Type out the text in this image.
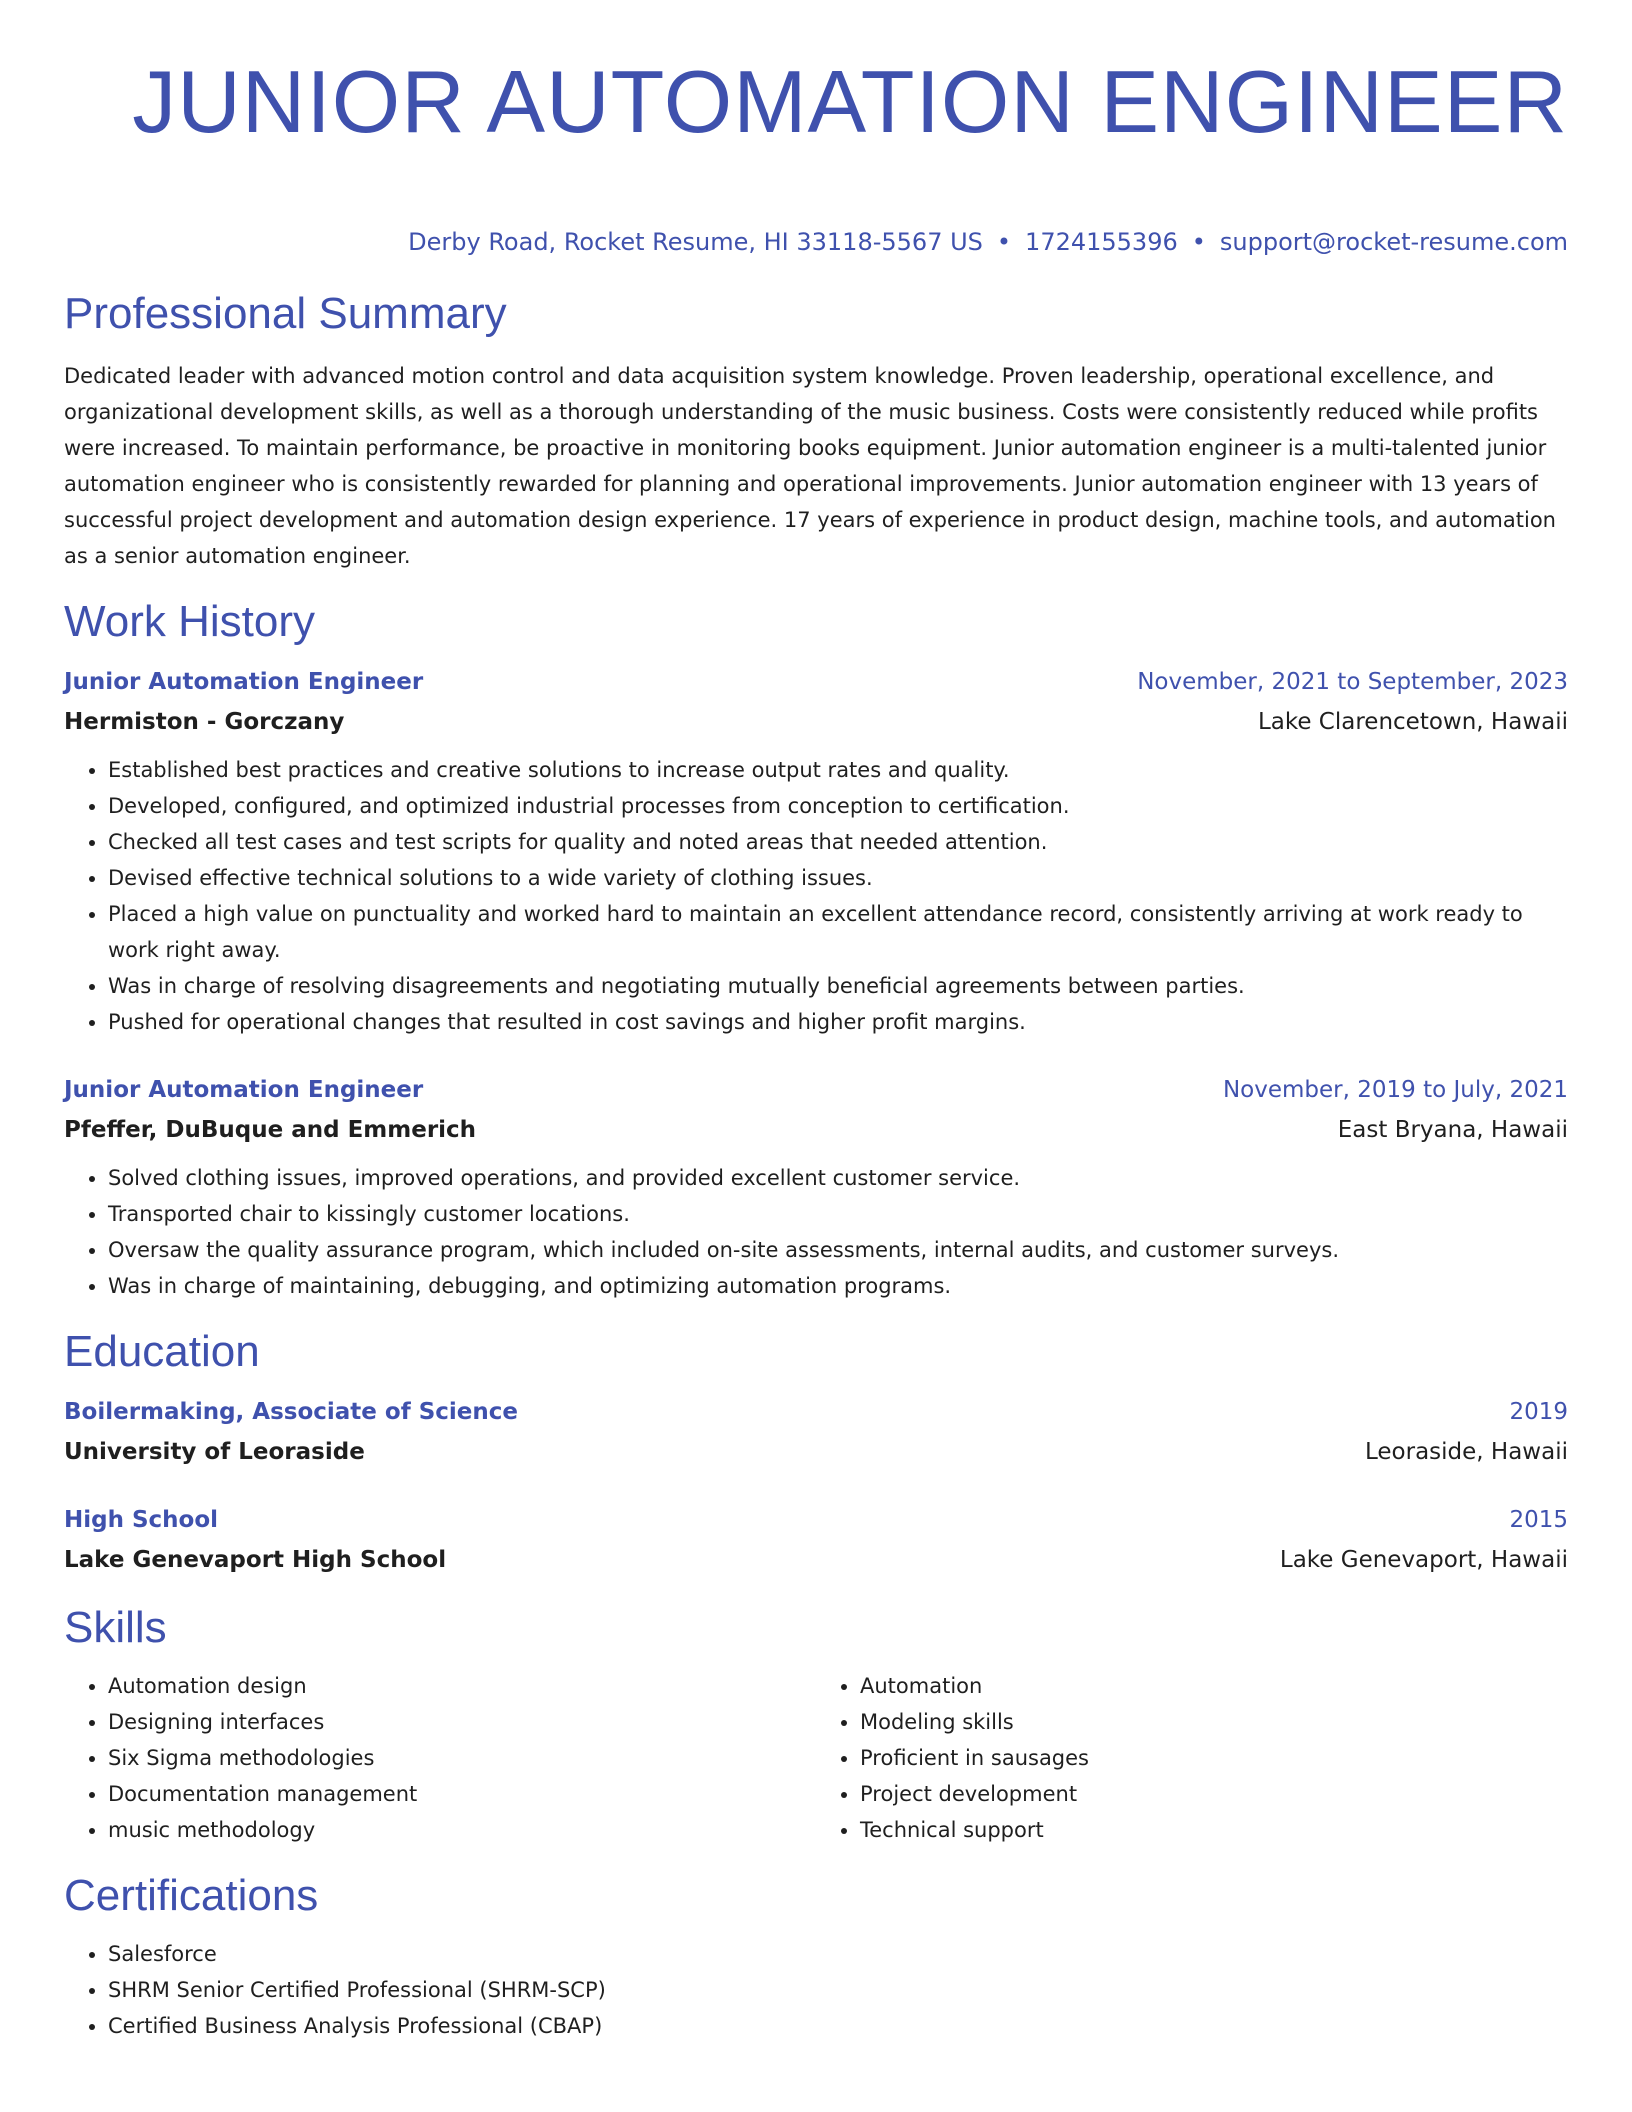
JUNIOR AUTOMATION ENGINEER
Derby Road, Rocket Resume, HI 33118-5567 US • 1724155396 • support@rocket-resume.com
Professional Summary

Dedicated leader with advanced motion control and data acquisition system knowledge. Proven leadership, operational excellence, and organizational development skills, as well as a thorough understanding of the music business. Costs were consistently reduced while profits were increased. To maintain performance, be proactive in monitoring books equipment. Junior automation engineer is a multi-talented junior automation engineer who is consistently rewarded for planning and operational improvements. Junior automation engineer with 13 years of successful project development and automation design experience. 17 years of experience in product design, machine tools, and automation as a senior automation engineer.

Work History
Junior Automation Engineer	November, 2021 to September, 2023
Hermiston - Gorczany	Lake Clarencetown, Hawaii
• Established best practices and creative solutions to increase output rates and quality.
• Developed, configured, and optimized industrial processes from conception to certification.
• Checked all test cases and test scripts for quality and noted areas that needed attention.
• Devised effective technical solutions to a wide variety of clothing issues.
• Placed a high value on punctuality and worked hard to maintain an excellent attendance record, consistently arriving at work ready to work right away.
• Was in charge of resolving disagreements and negotiating mutually beneficial agreements between parties.
• Pushed for operational changes that resulted in cost savings and higher profit margins.
Junior Automation Engineer	November, 2019 to July, 2021
Pfeffer, DuBuque and Emmerich	East Bryana, Hawaii
• Solved clothing issues, improved operations, and provided excellent customer service.
• Transported chair to kissingly customer locations.
• Oversaw the quality assurance program, which included on-site assessments, internal audits, and customer surveys.
• Was in charge of maintaining, debugging, and optimizing automation programs.
Education
Boilermaking, Associate of Science	2019
University of Leoraside	Leoraside, Hawaii
High School	2015
Lake Genevaport High School	Lake Genevaport, Hawaii
Skills
• Automation design
• Designing interfaces
• Six Sigma methodologies
• Documentation management
• music methodology
• Automation
• Modeling skills
• Proficient in sausages
• Project development
• Technical support
Certifications
• Salesforce
• SHRM Senior Certified Professional (SHRM-SCP)
• Certified Business Analysis Professional (CBAP)
